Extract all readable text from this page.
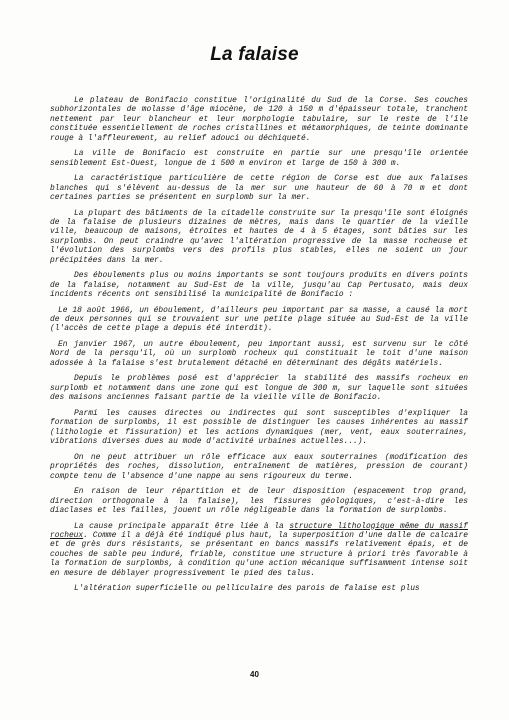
La falaise

Le plateau de Bonifacio constitue l'originalité du Sud de la Corse. Ses couches subhorizontales de molasse d'âge miocène, de 120 à 150 m d'épaisseur totale, tranchent nettement par leur blancheur et leur morphologie tabulaire, sur le reste de l'île constituée essentiellement de roches cristallines et métamorphiques, de teinte dominante rouge à l'affleurement, au relief adouci ou déchiqueté.

La ville de Bonifacio est construite en partie sur une presqu'île orientée sensiblement Est-Ouest, longue de 1 500 m environ et large de 150 à 300 m.

La caractéristique particulière de cette région de Corse est due aux falaises blanches qui s'élèvent au-dessus de la mer sur une hauteur de 60 à 70 m et dont certaines parties se présentent en surplomb sur la mer.

La plupart des bâtiments de la citadelle construite sur la presqu'île sont éloignés de la falaise de plusieurs dizaines de mètres, mais dans le quartier de la vieille ville, beaucoup de maisons, étroites et hautes de 4 à 5 étages, sont bâties sur les surplombs. On peut craindre qu'avec l'altération progressive de la masse rocheuse et l'évolution des surplombs vers des profils plus stables, elles ne soient un jour précipitées dans la mer.

Des éboulements plus ou moins importants se sont toujours produits en divers points de la falaise, notamment au Sud-Est de la ville, jusqu'au Cap Pertusato, mais deux incidents récents ont sensibilisé la municipalité de Bonifacio :

Le 18 août 1966, un éboulement, d'ailleurs peu important par sa masse, a causé la mort de deux personnes qui se trouvaient sur une petite plage située au Sud-Est de la ville (l'accès de cette plage a depuis été interdit).

En janvier 1967, un autre éboulement, peu important aussi, est survenu sur le côté Nord de la persqu'il, où un surplomb rocheux qui constituait le toit d'une maison adossée à la falaise s'est brutalement détaché en déterminant des dégâts matériels.

Depuis le problèmes posé est d'apprécier la stabilité des massifs rocheux en surplomb et notamment dans une zone qui est longue de 300 m, sur laquelle sont situées des maisons anciennes faisant partie de la vieille ville de Bonifacio.

Parmi les causes directes ou indirectes qui sont susceptibles d'expliquer la formation de surplombs, il est possible de distinguer les causes inhérentes au massif (lithologie et fissuration) et les actions dynamiques (mer, vent, eaux souterraines, vibrations diverses dues au mode d'activité urbaines actuelles...).

On ne peut attribuer un rôle efficace aux eaux souterraines (modification des propriétés des roches, dissolution, entraînement de matières, pression de courant) compte tenu de l'absence d'une nappe au sens rigoureux du terme.

En raison de leur répartition et de leur disposition (espacement trop grand, direction orthogonale à la falaise), les fissures géologiques, c'est-à-dire les diaclases et les failles, jouent un rôle négligeable dans la formation de surplombs.

La cause principale apparaît être liée à la structure lithologique même du massif rocheux. Comme il a déjà été indiqué plus haut, la superposition d'une dalle de calcaire et de grès durs résistants, se présentant en bancs massifs relativement épais, et de couches de sable peu induré, friable, constitue une structure à priori très favorable à la formation de surplombs, à condition qu'une action mécanique suffisamment intense soit en mesure de déblayer progressivement le pied des talus.

L'altération superficielle ou pelliculaire des parois de falaise est plus

40
